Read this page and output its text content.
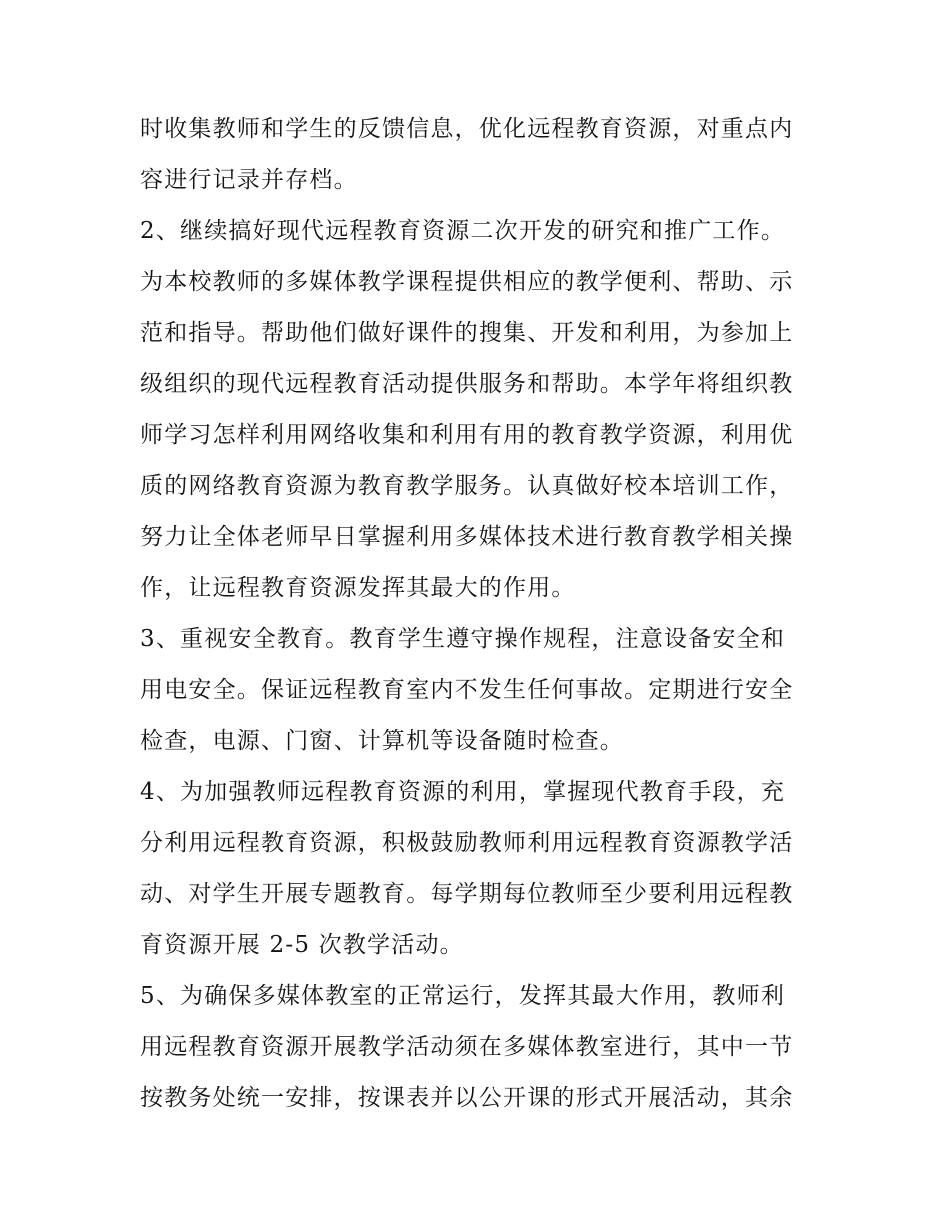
时收集教师和学生的反馈信息，优化远程教育资源，对重点内
容进行记录并存档。
2、继续搞好现代远程教育资源二次开发的研究和推广工作。
为本校教师的多媒体教学课程提供相应的教学便利、帮助、示
范和指导。帮助他们做好课件的搜集、开发和利用，为参加上
级组织的现代远程教育活动提供服务和帮助。本学年将组织教
师学习怎样利用网络收集和利用有用的教育教学资源，利用优
质的网络教育资源为教育教学服务。认真做好校本培训工作，
努力让全体老师早日掌握利用多媒体技术进行教育教学相关操
作，让远程教育资源发挥其最大的作用。
3、重视安全教育。教育学生遵守操作规程，注意设备安全和
用电安全。保证远程教育室内不发生任何事故。定期进行安全
检查，电源、门窗、计算机等设备随时检查。
4、为加强教师远程教育资源的利用，掌握现代教育手段，充
分利用远程教育资源，积极鼓励教师利用远程教育资源教学活
动、对学生开展专题教育。每学期每位教师至少要利用远程教
育资源开展 2-5 次教学活动。
5、为确保多媒体教室的正常运行，发挥其最大作用，教师利
用远程教育资源开展教学活动须在多媒体教室进行，其中一节
按教务处统一安排，按课表并以公开课的形式开展活动，其余
